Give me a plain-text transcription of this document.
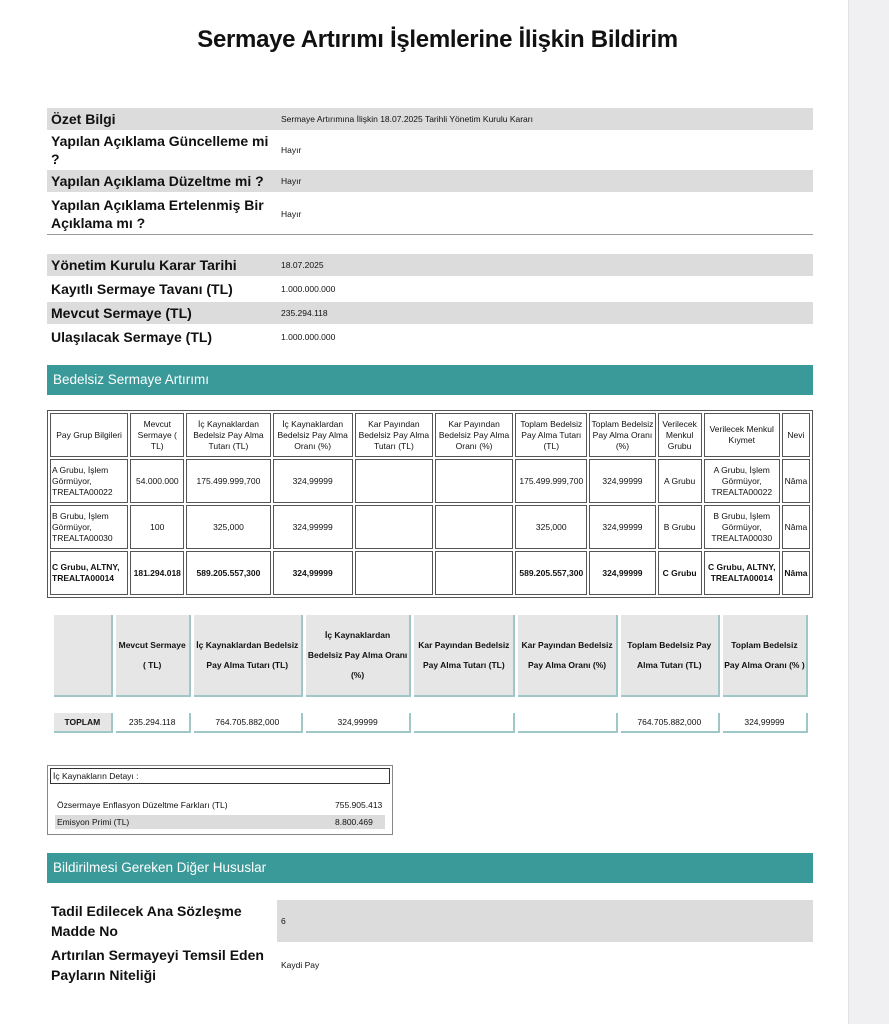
Sermaye Artırımı İşlemlerine İlişkin Bildirim
Özet Bilgi	Sermaye Artırımına İlişkin 18.07.2025 Tarihli Yönetim Kurulu Kararı
Yapılan Açıklama Güncelleme mi ?	Hayır
Yapılan Açıklama Düzeltme mi ?	Hayır
Yapılan Açıklama Ertelenmiş Bir Açıklama mı ?	Hayır
Yönetim Kurulu Karar Tarihi	18.07.2025
Kayıtlı Sermaye Tavanı (TL)	1.000.000.000
Mevcut Sermaye (TL)	235.294.118
Ulaşılacak Sermaye (TL)	1.000.000.000
Bedelsiz Sermaye Artırımı
Pay Grup Bilgileri	Mevcut Sermaye ( TL)	İç Kaynaklardan Bedelsiz Pay Alma Tutarı (TL)	İç Kaynaklardan Bedelsiz Pay Alma Oranı (%)	Kar Payından Bedelsiz Pay Alma Tutarı (TL)	Kar Payından Bedelsiz Pay Alma Oranı (%)	Toplam Bedelsiz Pay Alma Tutarı (TL)	Toplam Bedelsiz Pay Alma Oranı (%)	Verilecek Menkul Grubu	Verilecek Menkul Kıymet	Nevi
A Grubu, İşlem Görmüyor, TREALTA00022	54.000.000	175.499.999,700	324,99999			175.499.999,700	324,99999	A Grubu	A Grubu, İşlem Görmüyor, TREALTA00022	Nâma
B Grubu, İşlem Görmüyor, TREALTA00030	100	325,000	324,99999			325,000	324,99999	B Grubu	B Grubu, İşlem Görmüyor, TREALTA00030	Nâma
C Grubu, ALTNY, TREALTA00014	181.294.018	589.205.557,300	324,99999			589.205.557,300	324,99999	C Grubu	C Grubu, ALTNY, TREALTA00014	Nâma
	Mevcut Sermaye ( TL)	İç Kaynaklardan Bedelsiz Pay Alma Tutarı (TL)	İç Kaynaklardan Bedelsiz Pay Alma Oranı (%)	Kar Payından Bedelsiz Pay Alma Tutarı (TL)	Kar Payından Bedelsiz Pay Alma Oranı (%)	Toplam Bedelsiz Pay Alma Tutarı (TL)	Toplam Bedelsiz Pay Alma Oranı (% )

TOPLAM	235.294.118	764.705.882,000	324,99999			764.705.882,000	324,99999
İç Kaynakların Detayı :
Özsermaye Enflasyon Düzeltme Farkları (TL)	755.905.413
Emisyon Primi (TL)	8.800.469
Bildirilmesi Gereken Diğer Hususlar
Tadil Edilecek Ana Sözleşme Madde No	6
Artırılan Sermayeyi Temsil Eden Payların Niteliği	Kaydi Pay
